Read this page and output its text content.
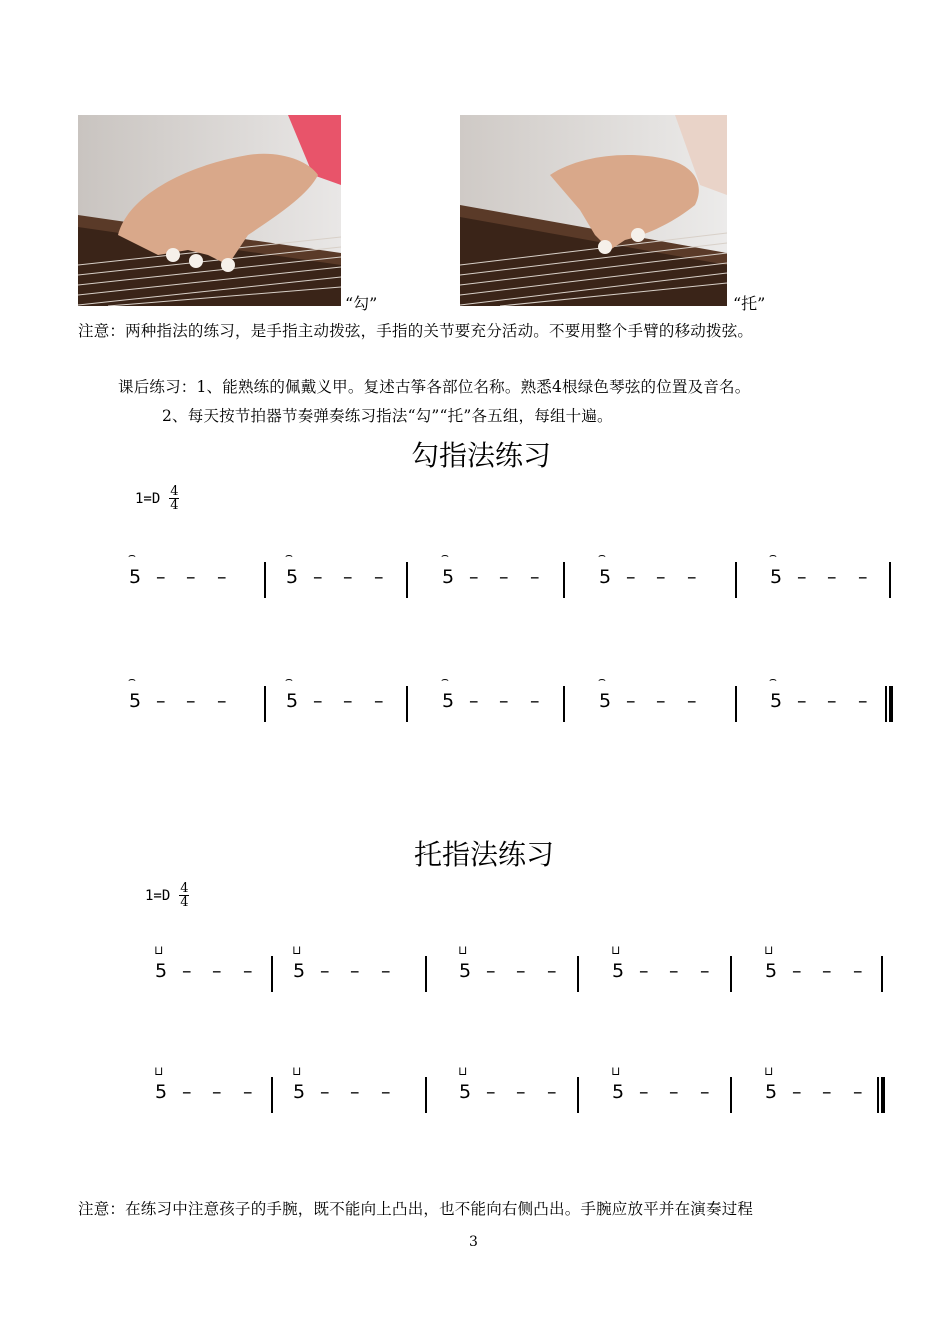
“勾”	“托”
注意：两种指法的练习，是手指主动拨弦，手指的关节要充分活动。不要用整个手臂的移动拨弦。
课后练习：1、能熟练的佩戴义甲。复述古筝各部位名称。熟悉4根绿色琴弦的位置及音名。
2、每天按节拍器节奏弹奏练习指法“勾”“托”各五组，每组十遍。
勾指法练习
$1=D \frac{4}{4}$
⌢
5 – – –
⌢
5 – – –
⌢
5 – – –
⌢
5 – – –
⌢
5 – – –
⌢
5 – – –
⌢
5 – – –
⌢
5 – – –
⌢
5 – – –
⌢
5 – – –
托指法练习
$1=D \frac{4}{4}$
⊔
5 – – –
⊔
5 – – –
⊔
5 – – –
⊔
5 – – –
⊔
5 – – –
⊔
5 – – –
⊔
5 – – –
⊔
5 – – –
⊔
5 – – –
⊔
5 – – –
注意：在练习中注意孩子的手腕，既不能向上凸出，也不能向右侧凸出。手腕应放平并在演奏过程
3
